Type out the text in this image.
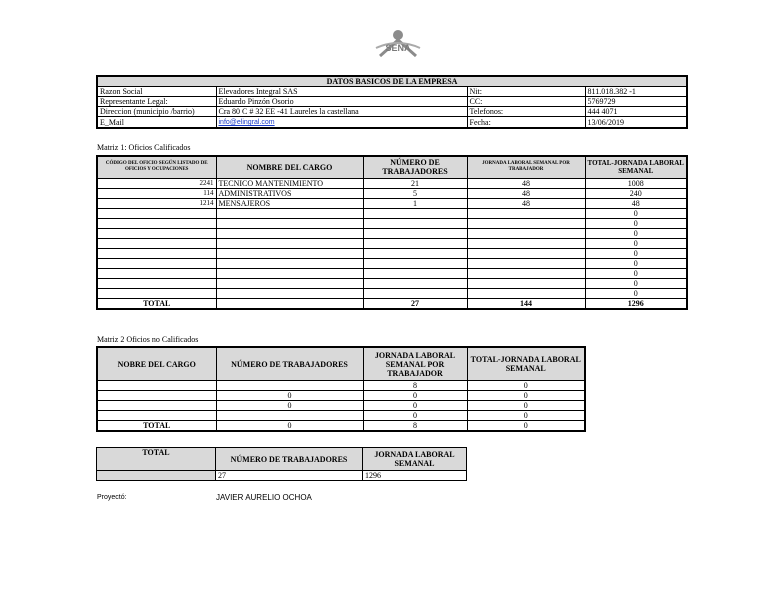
SENA
DATOS BASICOS DE LA EMPRESA			
Razon Social	Elevadores Integral SAS	Nit:	811.018.382 -1
Representante Legal:	Eduardo Pinzón Osorio	CC:	5769729
Direccion (municipio /barrio)	Cra 80 C # 32 EE -41 Laureles la castellana	Telefonos:	444 4071
E_Mail	info@elingral.com	Fecha:	13/06/2019
Matriz 1: Oficios Calificados
CÓDIGO DEL OFICIO SEGÚN LISTADO DE OFICIOS Y OCUPACIONES	NOMBRE DEL CARGO	NÚMERO DE TRABAJADORES	JORNADA LABORAL SEMANAL POR TRABAJADOR	TOTAL-JORNADA LABORAL SEMANAL
2241	TECNICO MANTENIMIENTO	21	48	1008
114	ADMINISTRATIVOS	5	48	240
1214	MENSAJEROS	1	48	48
				0
				0
				0
				0
				0
				0
				0
				0
				0
TOTAL		27	144	1296
Matriz 2 Oficios no Calificados
NOBRE DEL CARGO	NÚMERO DE TRABAJADORES	JORNADA LABORAL SEMANAL POR TRABAJADOR	TOTAL-JORNADA LABORAL SEMANAL
		8	0
	0	0	0
	0	0	0
		0	0
TOTAL	0	8	0
TOTAL	NÚMERO DE TRABAJADORES	JORNADA LABORAL SEMANAL
	27	1296
Proyectó:	JAVIER AURELIO OCHOA
